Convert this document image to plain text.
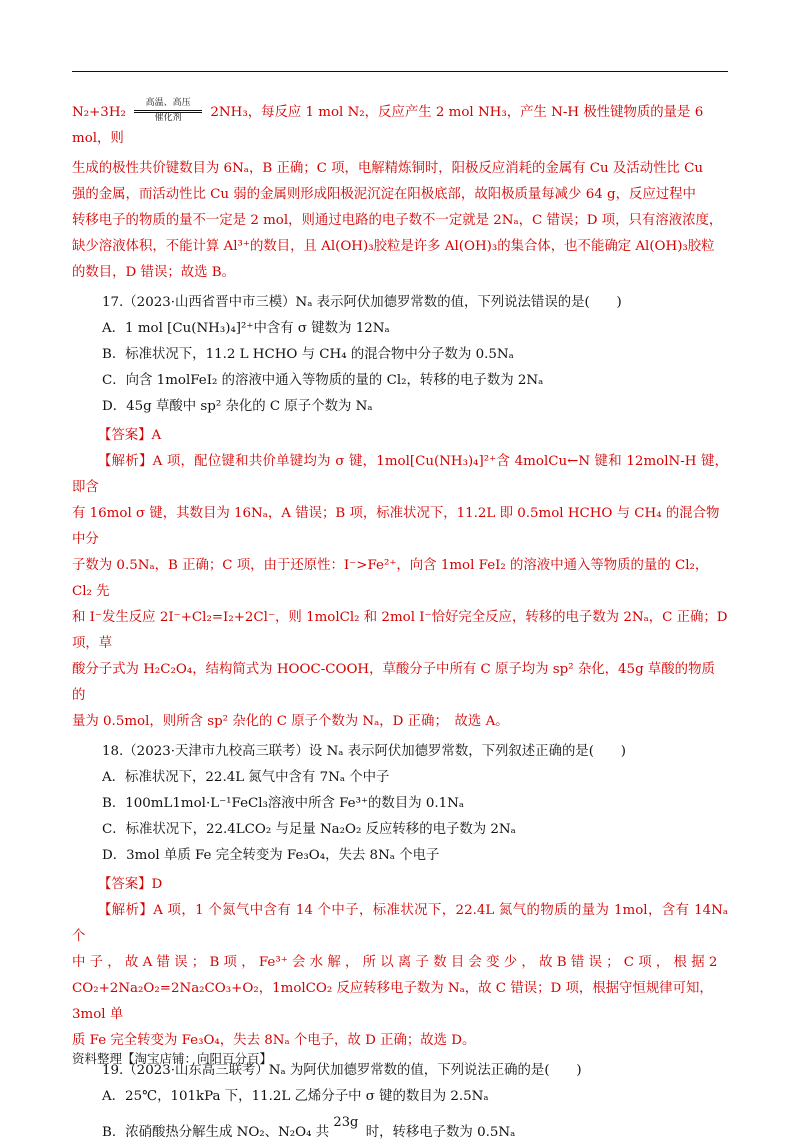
N₂+3H₂
高温、高压
催化剂	2NH₃，每反应 1 mol N₂，反应产生 2 mol NH₃，产生 N-H 极性键物质的量是 6 mol，则

生成的极性共价键数目为 6Nₐ，B 正确；C 项，电解精炼铜时，阳极反应消耗的金属有 Cu 及活动性比 Cu

强的金属，而活动性比 Cu 弱的金属则形成阳极泥沉淀在阳极底部，故阳极质量每减少 64 g，反应过程中

转移电子的物质的量不一定是 2 mol，则通过电路的电子数不一定就是 2Nₐ，C 错误；D 项，只有溶液浓度，

缺少溶液体积，不能计算 Al³⁺的数目，且 Al(OH)₃胶粒是许多 Al(OH)₃的集合体，也不能确定 Al(OH)₃胶粒

的数目，D 错误；故选 B。

17.（2023·山西省晋中市三模）Nₐ 表示阿伏加德罗常数的值，下列说法错误的是(　　)

A．1 mol [Cu(NH₃)₄]²⁺中含有 σ 键数为 12Nₐ

B．标准状况下，11.2 L HCHO 与 CH₄ 的混合物中分子数为 0.5Nₐ

C．向含 1molFeI₂ 的溶液中通入等物质的量的 Cl₂，转移的电子数为 2Nₐ

D．45g 草酸中 sp² 杂化的 C 原子个数为 Nₐ

【答案】A

【解析】A 项，配位键和共价单键均为 σ 键，1mol[Cu(NH₃)₄]²⁺含 4molCu←N 键和 12molN-H 键，即含

有 16mol σ 键，其数目为 16Nₐ，A 错误；B 项，标准状况下，11.2L 即 0.5mol HCHO 与 CH₄ 的混合物中分

子数为 0.5Nₐ，B 正确；C 项，由于还原性：I⁻>Fe²⁺，向含 1mol FeI₂ 的溶液中通入等物质的量的 Cl₂，Cl₂ 先

和 I⁻发生反应 2I⁻+Cl₂=I₂+2Cl⁻，则 1molCl₂ 和 2mol I⁻恰好完全反应，转移的电子数为 2Nₐ，C 正确；D 项，草

酸分子式为 H₂C₂O₄，结构简式为 HOOC-COOH，草酸分子中所有 C 原子均为 sp² 杂化，45g 草酸的物质的

量为 0.5mol，则所含 sp² 杂化的 C 原子个数为 Nₐ，D 正确；　故选 A。

18.（2023·天津市九校高三联考）设 Nₐ 表示阿伏加德罗常数，下列叙述正确的是(　　)

A．标准状况下，22.4L 氮气中含有 7Nₐ 个中子

B．100mL1mol·L⁻¹FeCl₃溶液中所含 Fe³⁺的数目为 0.1Nₐ

C．标准状况下，22.4LCO₂ 与足量 Na₂O₂ 反应转移的电子数为 2Nₐ

D．3mol 单质 Fe 完全转变为 Fe₃O₄，失去 8Nₐ 个电子

【答案】D

【解析】A 项，1 个氮气中含有 14 个中子，标准状况下，22.4L 氮气的物质的量为 1mol，含有 14Nₐ 个

中 子 ， 故 A 错 误 ； B 项 ， Fe³⁺ 会 水 解 ， 所 以 离 子 数 目 会 变 少 ， 故 B 错 误 ； C 项 ， 根 据 2

CO₂+2Na₂O₂=2Na₂CO₃+O₂，1molCO₂ 反应转移电子数为 Nₐ，故 C 错误；D 项，根据守恒规律可知，3mol 单

质 Fe 完全转变为 Fe₃O₄，失去 8Nₐ 个电子，故 D 正确；故选 D。

19.（2023·山东高三联考）Nₐ 为阿伏加德罗常数的值，下列说法正确的是(　　)

A．25℃，101kPa 下，11.2L 乙烯分子中 σ 键的数目为 2.5Nₐ

B．浓硝酸热分解生成 NO₂、N₂O₄ 共
23g
时，转移电子数为 0.5Nₐ

资料整理【淘宝店铺：向阳百分百】
